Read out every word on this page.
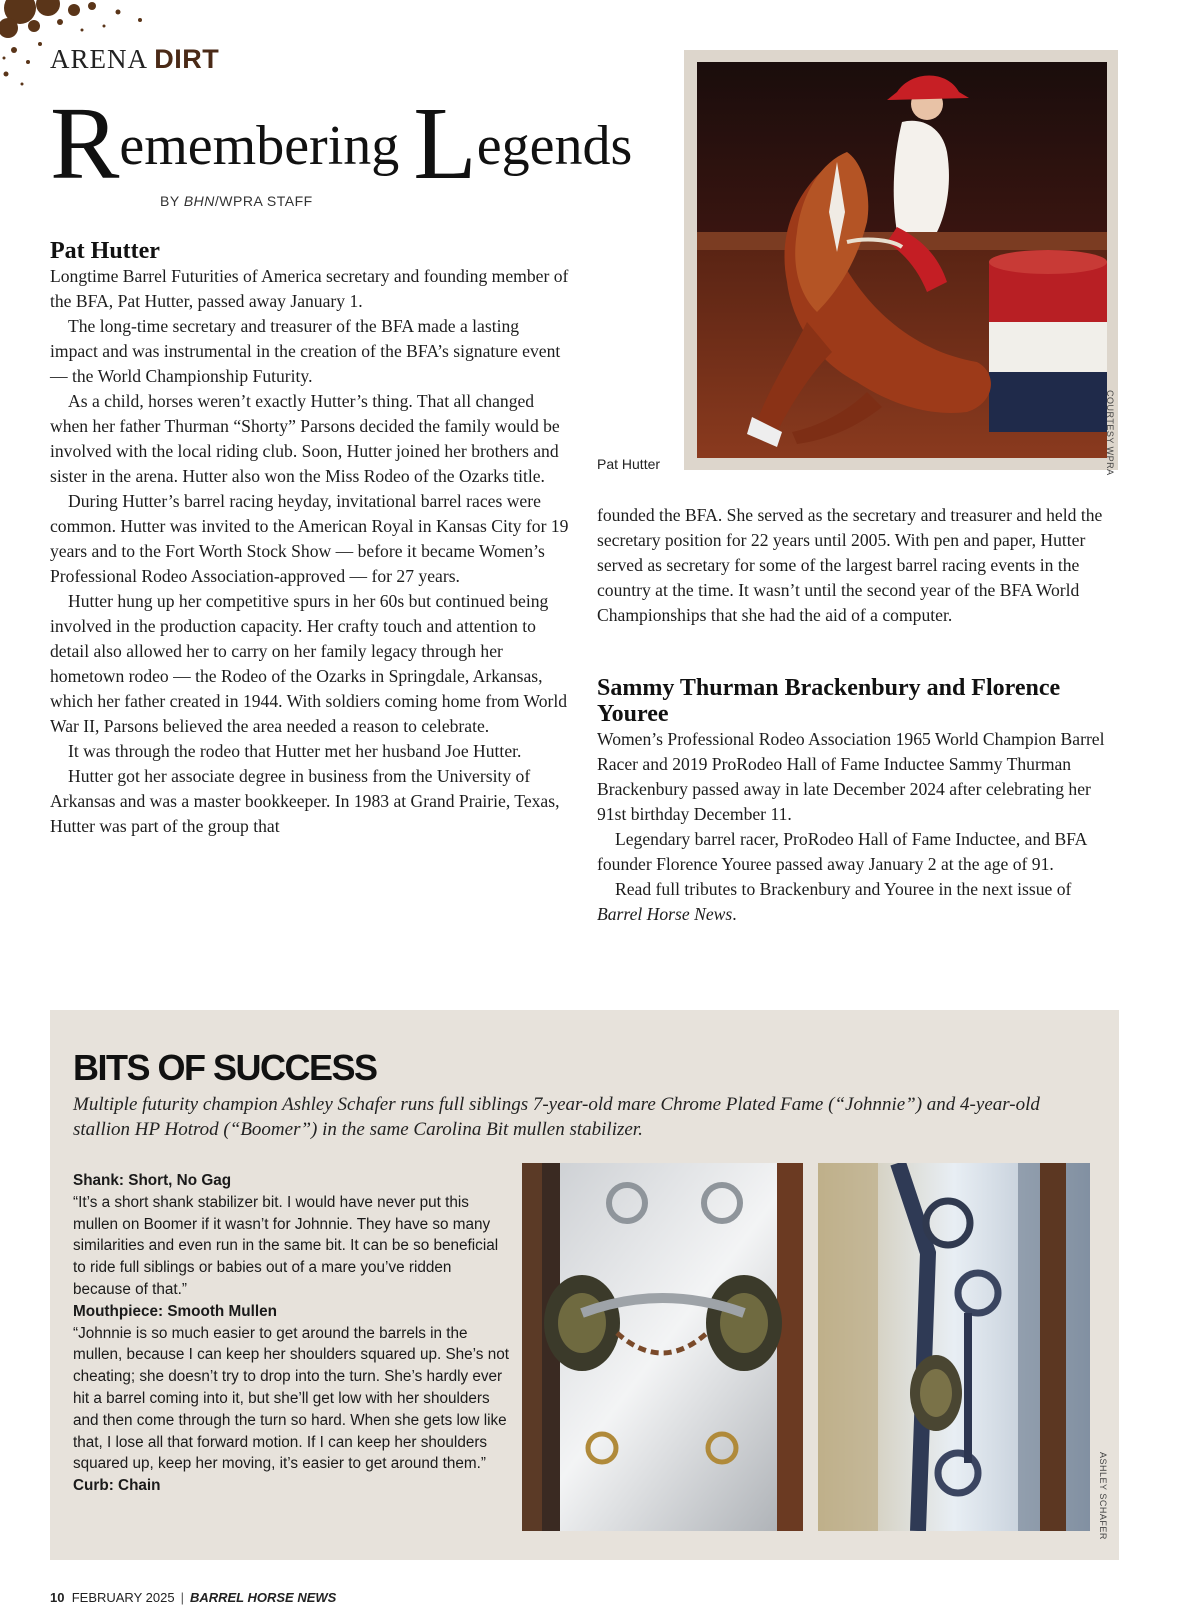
ARENA DIRT
Remembering Legends
BY BHN/WPRA STAFF
Pat Hutter

Longtime Barrel Futurities of America secretary and founding member of the BFA, Pat Hutter, passed away January 1.

The long-time secretary and treasurer of the BFA made a lasting impact and was instrumental in the creation of the BFA’s signature event — the World Championship Futurity.

As a child, horses weren’t exactly Hutter’s thing. That all changed when her father Thurman “Shorty” Parsons decided the family would be involved with the local riding club. Soon, Hutter joined her brothers and sister in the arena. Hutter also won the Miss Rodeo of the Ozarks title.

During Hutter’s barrel racing heyday, invitational barrel races were common. Hutter was invited to the American Royal in Kansas City for 19 years and to the Fort Worth Stock Show — before it became Women’s Professional Rodeo Association-approved — for 27 years.

Hutter hung up her competitive spurs in her 60s but continued being involved in the production capacity. Her crafty touch and attention to detail also allowed her to carry on her family legacy through her hometown rodeo — the Rodeo of the Ozarks in Springdale, Arkansas, which her father created in 1944. With soldiers coming home from World War II, Parsons believed the area needed a reason to celebrate.

It was through the rodeo that Hutter met her husband Joe Hutter.

Hutter got her associate degree in business from the University of Arkansas and was a master bookkeeper. In 1983 at Grand Prairie, Texas, Hutter was part of the group that

Pat Hutter	COURTESY WPRA

founded the BFA. She served as the secretary and treasurer and held the secretary position for 22 years until 2005. With pen and paper, Hutter served as secretary for some of the largest barrel racing events in the country at the time. It wasn’t until the second year of the BFA World Championships that she had the aid of a computer.

Sammy Thurman Brackenbury and Florence Youree

Women’s Professional Rodeo Association 1965 World Champion Barrel Racer and 2019 ProRodeo Hall of Fame Inductee Sammy Thurman Brackenbury passed away in late December 2024 after celebrating her 91st birthday December 11.

Legendary barrel racer, ProRodeo Hall of Fame Inductee, and BFA founder Florence Youree passed away January 2 at the age of 91.

Read full tributes to Brackenbury and Youree in the next issue of Barrel Horse News.

BITS OF SUCCESS
Multiple futurity champion Ashley Schafer runs full siblings 7-year-old mare Chrome Plated Fame (“Johnnie”) and 4-year-old stallion HP Hotrod (“Boomer”) in the same Carolina Bit mullen stabilizer.

Shank: Short, No Gag

“It’s a short shank stabilizer bit. I would have never put this mullen on Boomer if it wasn’t for Johnnie. They have so many similarities and even run in the same bit. It can be so beneficial to ride full siblings or babies out of a mare you’ve ridden because of that.”

Mouthpiece: Smooth Mullen

“Johnnie is so much easier to get around the barrels in the mullen, because I can keep her shoulders squared up. She’s not cheating; she doesn’t try to drop into the turn. She’s hardly ever hit a barrel coming into it, but she’ll get low with her shoulders and then come through the turn so hard. When she gets low like that, I lose all that forward motion. If I can keep her shoulders squared up, keep her moving, it’s easier to get around them.”

Curb: Chain	ASHLEY SCHAFER
10 FEBRUARY 2025 | BARREL HORSE NEWS
